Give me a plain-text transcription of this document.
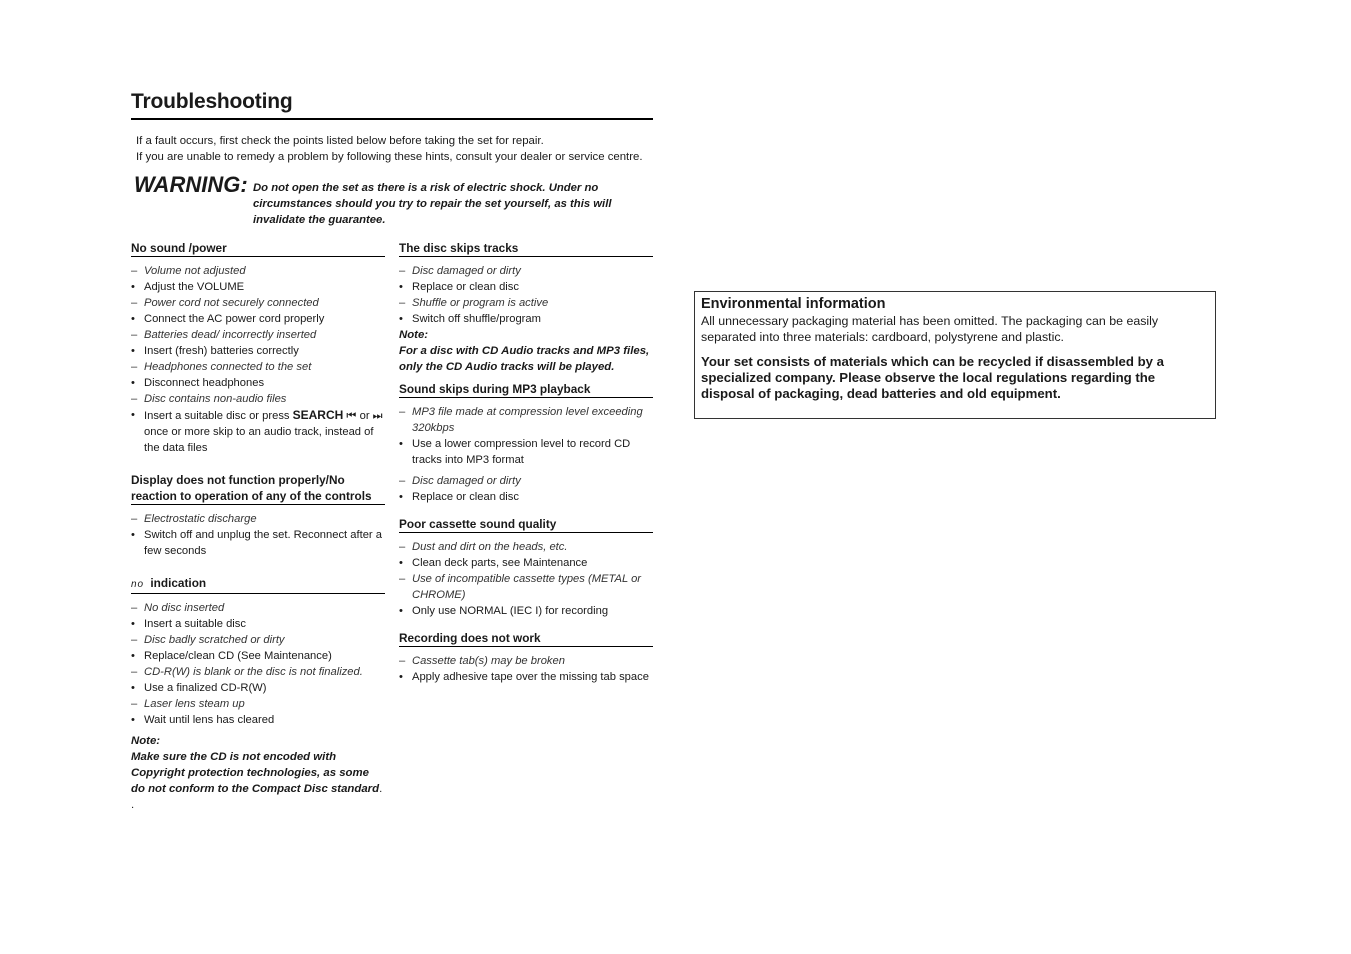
Troubleshooting
If a fault occurs, first check the points listed below before taking the set for repair.
If you are unable to remedy a problem by following these hints, consult your dealer or service centre.
WARNING: Do not open the set as there is a risk of electric shock. Under no circumstances should you try to repair the set yourself, as this will invalidate the guarantee.
No sound /power
– Volume not adjusted
• Adjust the VOLUME
– Power cord not securely connected
• Connect the AC power cord properly
– Batteries dead/ incorrectly inserted
• Insert (fresh) batteries correctly
– Headphones connected to the set
• Disconnect headphones
– Disc contains non-audio files
• Insert a suitable disc or press SEARCH ⏮ or ⏭ once or more skip to an audio track, instead of the data files
Display does not function properly/No reaction to operation of any of the controls
– Electrostatic discharge
• Switch off and unplug the set. Reconnect after a few seconds
no indication
– No disc inserted
• Insert a suitable disc
– Disc badly scratched or dirty
• Replace/clean CD (See Maintenance)
– CD-R(W) is blank or the disc is not finalized.
• Use a finalized CD-R(W)
– Laser lens steam up
• Wait until lens has cleared
Note:
Make sure the CD is not encoded with Copyright protection technologies, as some do not conform to the Compact Disc standard. .
The disc skips tracks
– Disc damaged or dirty
• Replace or clean disc
– Shuffle or program is active
• Switch off shuffle/program
Note:
For a disc with CD Audio tracks and MP3 files, only the CD Audio tracks will be played.
Sound skips during MP3 playback
– MP3 file made at compression level exceeding 320kbps
• Use a lower compression level to record CD tracks into MP3 format
– Disc damaged or dirty
• Replace or clean disc
Poor cassette sound quality
– Dust and dirt on the heads, etc.
• Clean deck parts, see Maintenance
– Use of incompatible cassette types (METAL or CHROME)
• Only use NORMAL (IEC I) for recording
Recording does not work
– Cassette tab(s) may be broken
• Apply adhesive tape over the missing tab space
Environmental information
All unnecessary packaging material has been omitted. The packaging can be easily separated into three materials: cardboard, polystyrene and plastic.
Your set consists of materials which can be recycled if disassembled by a specialized company. Please observe the local regulations regarding the disposal of packaging, dead batteries and old equipment.
